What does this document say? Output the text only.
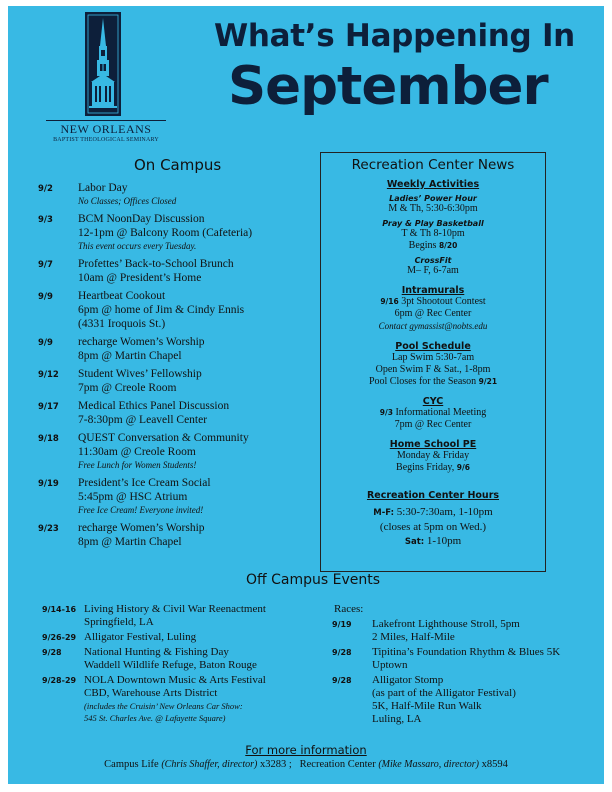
NEW ORLEANS
BAPTIST THEOLOGICAL SEMINARY
What’s Happening In
September
On Campus
9/2	Labor Day
No Classes; Offices Closed
9/3	BCM NoonDay Discussion
12-1pm @ Balcony Room (Cafeteria)
This event occurs every Tuesday.
9/7	Profettes’ Back-to-School Brunch
10am @ President’s Home
9/9	Heartbeat Cookout
6pm @ home of Jim & Cindy Ennis
(4331 Iroquois St.)
9/9	recharge Women’s Worship
8pm @ Martin Chapel
9/12	Student Wives’ Fellowship
7pm @ Creole Room
9/17	Medical Ethics Panel Discussion
7-8:30pm @ Leavell Center
9/18	QUEST Conversation & Community
11:30am @ Creole Room
Free Lunch for Women Students!
9/19	President’s Ice Cream Social
5:45pm @ HSC Atrium
Free Ice Cream! Everyone invited!
9/23	recharge Women’s Worship
8pm @ Martin Chapel
Recreation Center News
Weekly Activities
Ladies’ Power Hour
M & Th, 5:30-6:30pm
Pray & Play Basketball
T & Th 8-10pm
Begins 8/20
CrossFit
M– F, 6-7am
Intramurals
9/16 3pt Shootout Contest
6pm @ Rec Center
Contact gymassist@nobts.edu
Pool Schedule
Lap Swim 5:30-7am
Open Swim F & Sat., 1-8pm
Pool Closes for the Season 9/21
CYC
9/3 Informational Meeting
7pm @ Rec Center
Home School PE
Monday & Friday
Begins Friday, 9/6
Recreation Center Hours
M-F: 5:30-7:30am, 1-10pm
(closes at 5pm on Wed.)
Sat: 1-10pm
Off Campus Events
9/14-16 Living History & Civil War Reenactment
Springfield, LA
9/26-29 Alligator Festival, Luling
9/28	National Hunting & Fishing Day
Waddell Wildlife Refuge, Baton Rouge
9/28-29 NOLA Downtown Music & Arts Festival
CBD, Warehouse Arts District
(includes the Cruisin’ New Orleans Car Show:
545 St. Charles Ave. @ Lafayette Square)
Races:
9/19	Lakefront Lighthouse Stroll, 5pm
2 Miles, Half-Mile
9/28	Tipitina’s Foundation Rhythm & Blues 5K
Uptown
9/28	Alligator Stomp
(as part of the Alligator Festival)
5K, Half-Mile Run Walk
Luling, LA
For more information
Campus Life (Chris Shaffer, director) x3283 ; Recreation Center (Mike Massaro, director) x8594
